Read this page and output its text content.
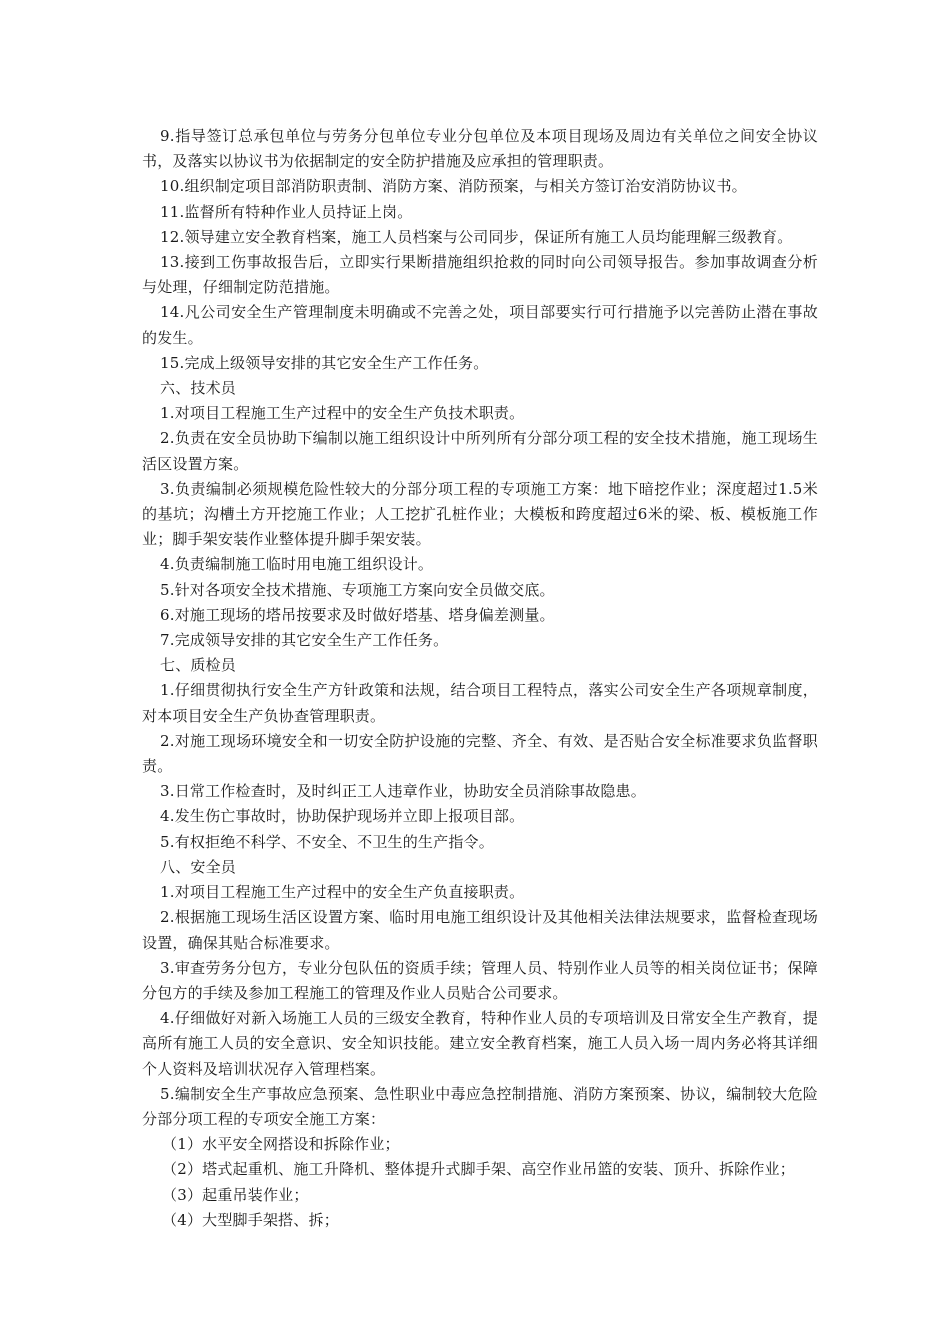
9.指导签订总承包单位与劳务分包单位专业分包单位及本项目现场及周边有关单位之间安全协议书，及落实以协议书为依据制定的安全防护措施及应承担的管理职责。

10.组织制定项目部消防职责制、消防方案、消防预案，与相关方签订治安消防协议书。

11.监督所有特种作业人员持证上岗。

12.领导建立安全教育档案，施工人员档案与公司同步，保证所有施工人员均能理解三级教育。

13.接到工伤事故报告后，立即实行果断措施组织抢救的同时向公司领导报告。参加事故调查分析与处理，仔细制定防范措施。

14.凡公司安全生产管理制度未明确或不完善之处，项目部要实行可行措施予以完善防止潜在事故的发生。

15.完成上级领导安排的其它安全生产工作任务。

六、技术员

1.对项目工程施工生产过程中的安全生产负技术职责。

2.负责在安全员协助下编制以施工组织设计中所列所有分部分项工程的安全技术措施，施工现场生活区设置方案。

3.负责编制必须规模危险性较大的分部分项工程的专项施工方案：地下暗挖作业；深度超过1.5米的基坑；沟槽土方开挖施工作业；人工挖扩孔桩作业；大模板和跨度超过6米的梁、板、模板施工作业；脚手架安装作业整体提升脚手架安装。

4.负责编制施工临时用电施工组织设计。

5.针对各项安全技术措施、专项施工方案向安全员做交底。

6.对施工现场的塔吊按要求及时做好塔基、塔身偏差测量。

7.完成领导安排的其它安全生产工作任务。

七、质检员

1.仔细贯彻执行安全生产方针政策和法规，结合项目工程特点，落实公司安全生产各项规章制度，对本项目安全生产负协查管理职责。

2.对施工现场环境安全和一切安全防护设施的完整、齐全、有效、是否贴合安全标准要求负监督职责。

3.日常工作检查时，及时纠正工人违章作业，协助安全员消除事故隐患。

4.发生伤亡事故时，协助保护现场并立即上报项目部。

5.有权拒绝不科学、不安全、不卫生的生产指令。

八、安全员

1.对项目工程施工生产过程中的安全生产负直接职责。

2.根据施工现场生活区设置方案、临时用电施工组织设计及其他相关法律法规要求，监督检查现场设置，确保其贴合标准要求。

3.审查劳务分包方，专业分包队伍的资质手续；管理人员、特别作业人员等的相关岗位证书；保障分包方的手续及参加工程施工的管理及作业人员贴合公司要求。

4.仔细做好对新入场施工人员的三级安全教育，特种作业人员的专项培训及日常安全生产教育，提高所有施工人员的安全意识、安全知识技能。建立安全教育档案，施工人员入场一周内务必将其详细个人资料及培训状况存入管理档案。

5.编制安全生产事故应急预案、急性职业中毒应急控制措施、消防方案预案、协议，编制较大危险分部分项工程的专项安全施工方案：

（1）水平安全网搭设和拆除作业；

（2）塔式起重机、施工升降机、整体提升式脚手架、高空作业吊篮的安装、顶升、拆除作业；

（3）起重吊装作业；

（4）大型脚手架搭、拆；
